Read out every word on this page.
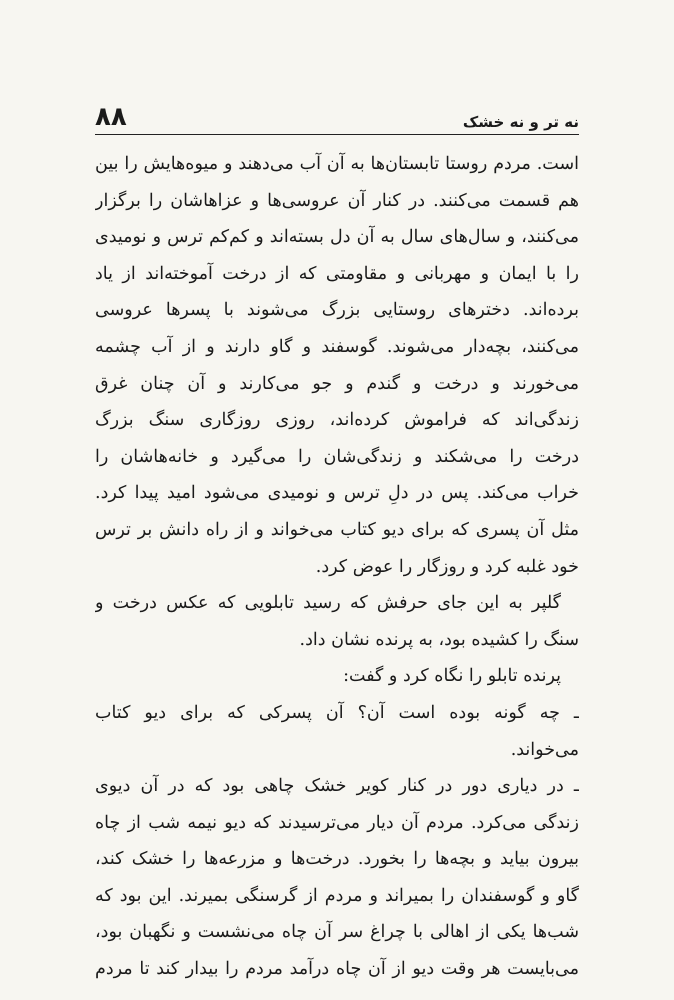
۸۸	نه تر و نه خشک
است. مردم روستا تابستان‌ها به آن آب می‌دهند و میوه‌هایش را بین
هم قسمت می‌کنند. در کنار آن عروسی‌ها و عزاهاشان را برگزار
می‌کنند، و سال‌های سال به آن دل بسته‌اند و کم‌کم ترس و نومیدی
را با ایمان و مهربانی و مقاومتی که از درخت آموخته‌اند از یاد
برده‌اند. دخترهای روستایی بزرگ می‌شوند با پسرها عروسی
می‌کنند، بچه‌دار می‌شوند. گوسفند و گاو دارند و از آب چشمه
می‌خورند و درخت و گندم و جو می‌کارند و آن چنان غرق
زندگی‌اند که فراموش کرده‌اند، روزی روزگاری سنگ بزرگ
درخت را می‌شکند و زندگی‌شان را می‌گیرد و خانه‌هاشان را
خراب می‌کند. پس در دلِ ترس و نومیدی می‌شود امید پیدا کرد.
مثل آن پسری که برای دیو کتاب می‌خواند و از راه دانش بر ترس
خود غلبه کرد و روزگار را عوض کرد.
گلپر به این جای حرفش که رسید تابلویی که عکس درخت و
سنگ را کشیده بود، به پرنده نشان داد.
پرنده تابلو را نگاه کرد و گفت:
ـ چه گونه بوده است آن؟ آن پسرکی که برای دیو کتاب
می‌خواند.
ـ در دیاری دور در کنار کویر خشک چاهی بود که در آن دیوی
زندگی می‌کرد. مردم آن دیار می‌ترسیدند که دیو نیمه شب از چاه
بیرون بیاید و بچه‌ها را بخورد. درخت‌ها و مزرعه‌ها را خشک کند،
گاو و گوسفندان را بمیراند و مردم از گرسنگی بمیرند. این بود که
شب‌ها یکی از اهالی با چراغ سر آن چاه می‌نشست و نگهبان بود،
می‌بایست هر وقت دیو از آن چاه درآمد مردم را بیدار کند تا مردم
